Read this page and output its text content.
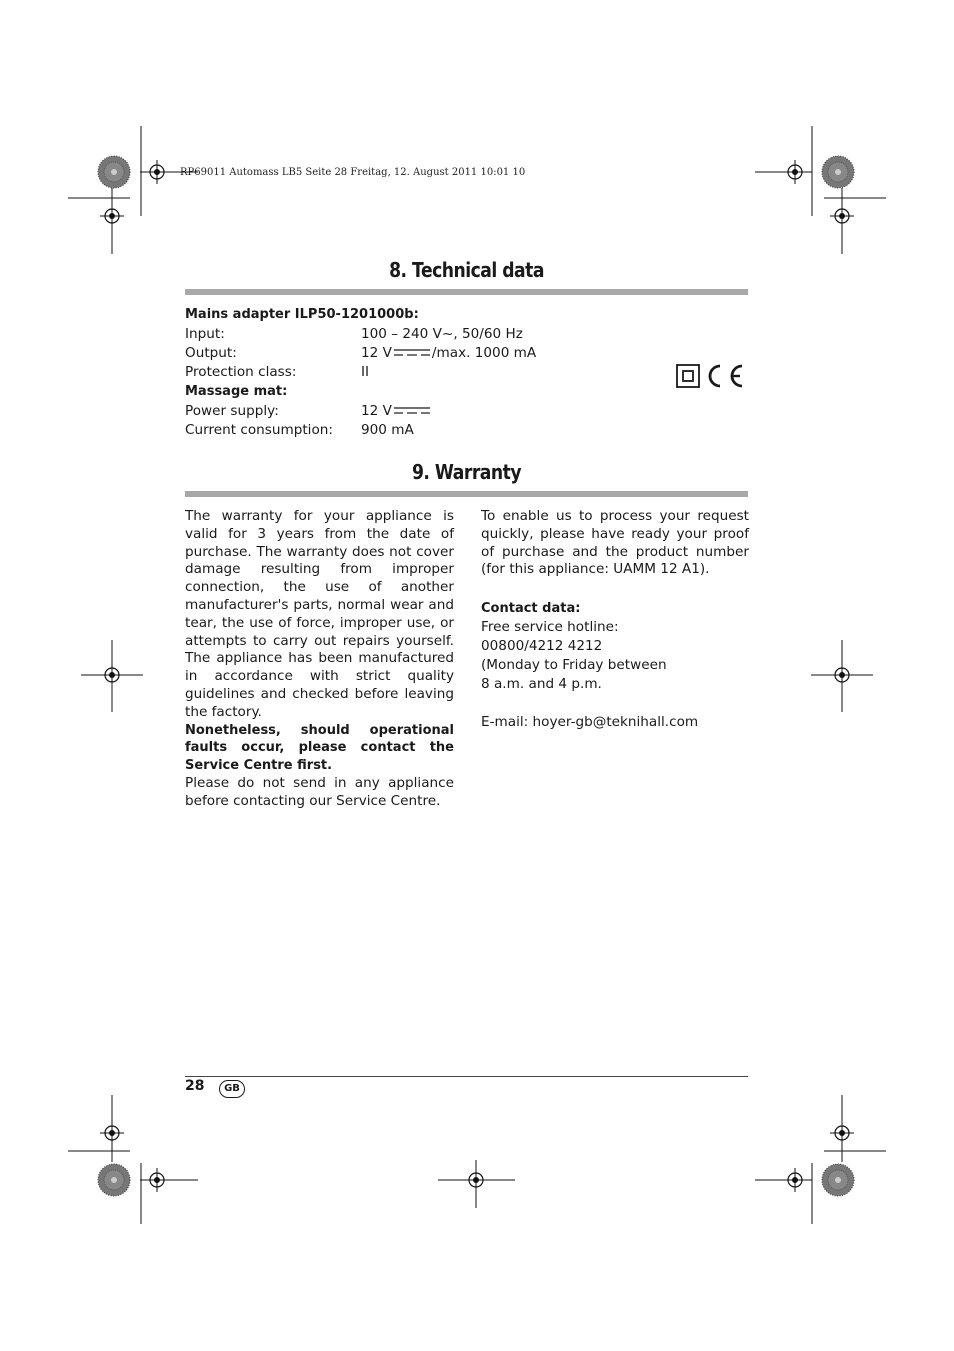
RP69011 Automass LB5 Seite 28 Freitag, 12. August 2011 10:01 10
8. Technical data
Mains adapter ILP50-1201000b:
Input:	100 – 240 V~, 50/60 Hz
Output:	12 V	/max. 1000 mA
Protection class:	II
Massage mat:
Power supply:	12 V
Current consumption: 900 mA
9. Warranty
The warranty for your appliance is valid for 3 years from the date of purchase. The warranty does not cover damage resulting from improper connection, the use of another manufacturer's parts, normal wear and tear, the use of force, improper use, or attempts to carry out repairs yourself. The appliance has been manufactured in accordance with strict quality guidelines and checked before leaving the factory.
Nonetheless, should operational faults occur, please contact the Service Centre first.
Please do not send in any appliance before contacting our Service Centre.
To enable us to process your request quickly, please have ready your proof of purchase and the product number (for this appliance: UAMM 12 A1).
Contact data:
Free service hotline:
00800/4212 4212
(Monday to Friday between
8 a.m. and 4 p.m.
E-mail: hoyer-gb@teknihall.com
28	GB
